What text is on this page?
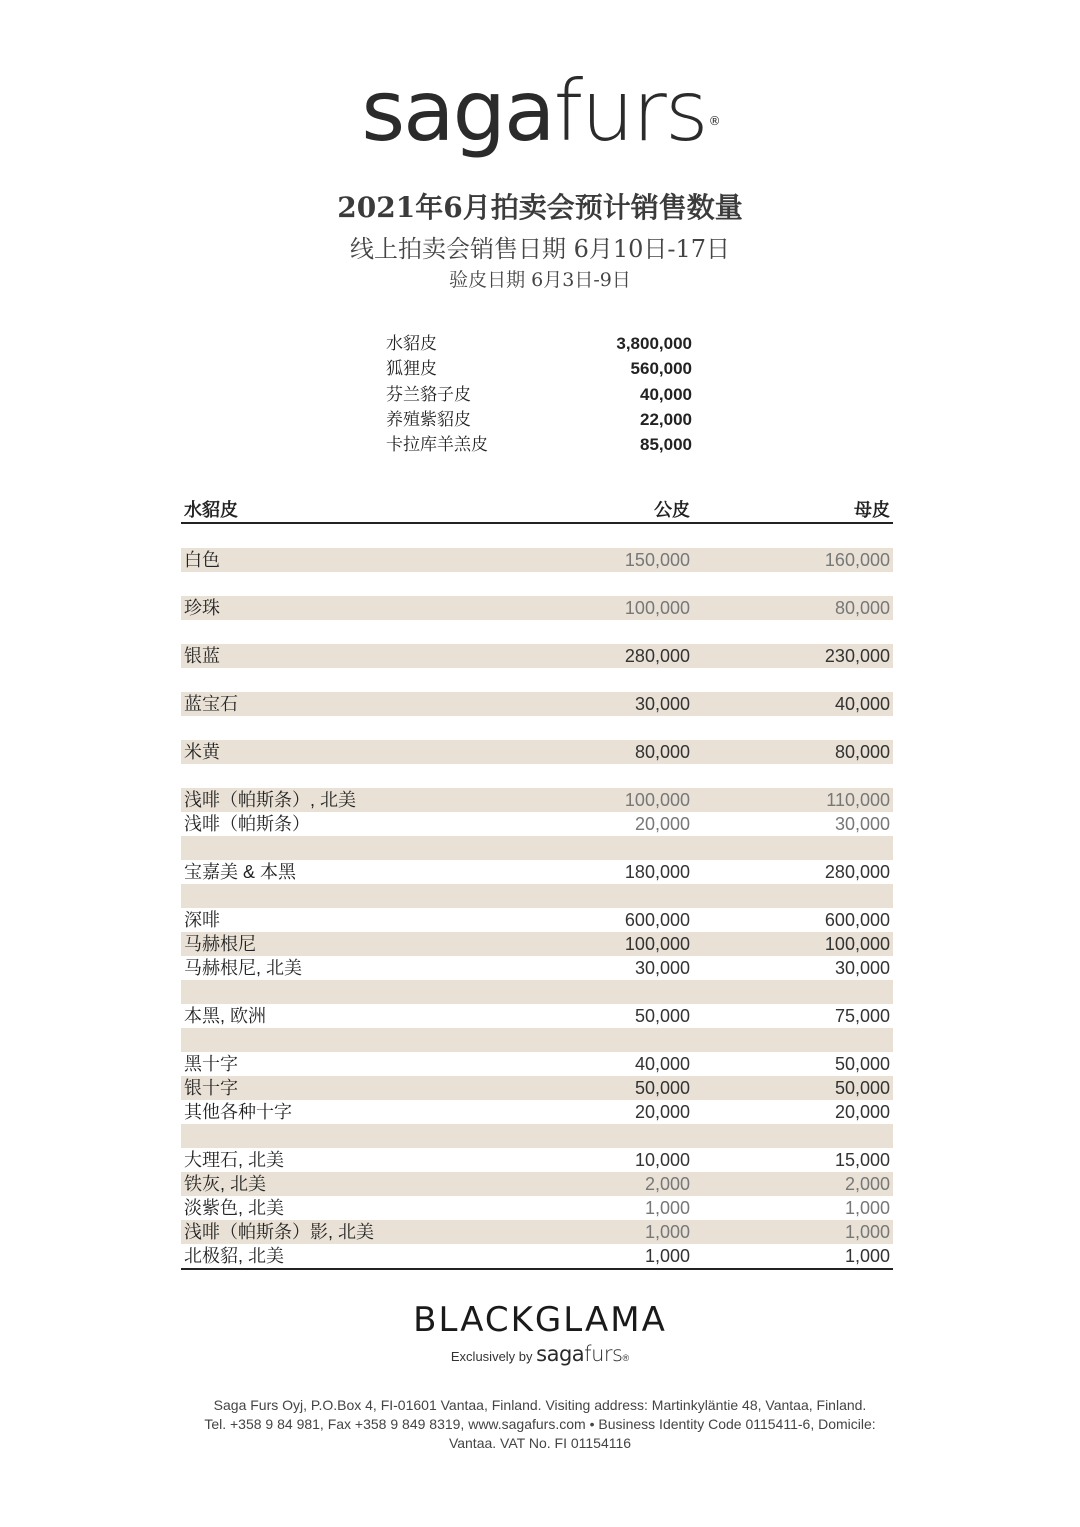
sagafurs ®
2021年6月拍卖会预计销售数量
线上拍卖会销售日期 6月10日-17日
验皮日期 6月3日-9日
水貂皮	3,800,000
狐狸皮	560,000
芬兰貉子皮	40,000
养殖紫貂皮	22,000
卡拉库羊羔皮	85,000
水貂皮	公皮	母皮
白色	150,000	160,000
珍珠	100,000	80,000
银蓝	280,000	230,000
蓝宝石	30,000	40,000
米黄	80,000	80,000
浅啡（帕斯条）, 北美	100,000	110,000
浅啡（帕斯条）	20,000	30,000
宝嘉美 & 本黑	180,000	280,000
深啡	600,000	600,000
马赫根尼	100,000	100,000
马赫根尼, 北美	30,000	30,000
本黑, 欧洲	50,000	75,000
黑十字	40,000	50,000
银十字	50,000	50,000
其他各种十字	20,000	20,000
大理石, 北美	10,000	15,000
铁灰, 北美	2,000	2,000
淡紫色, 北美	1,000	1,000
浅啡（帕斯条）影, 北美	1,000	1,000
北极貂, 北美	1,000	1,000
BLACKGLAMA
Exclusively by sagafurs®
Saga Furs Oyj, P.O.Box 4, FI-01601 Vantaa, Finland. Visiting address: Martinkyläntie 48, Vantaa, Finland.
Tel. +358 9 84 981, Fax +358 9 849 8319, www.sagafurs.com • Business Identity Code 0115411-6, Domicile:
Vantaa. VAT No. FI 01154116
